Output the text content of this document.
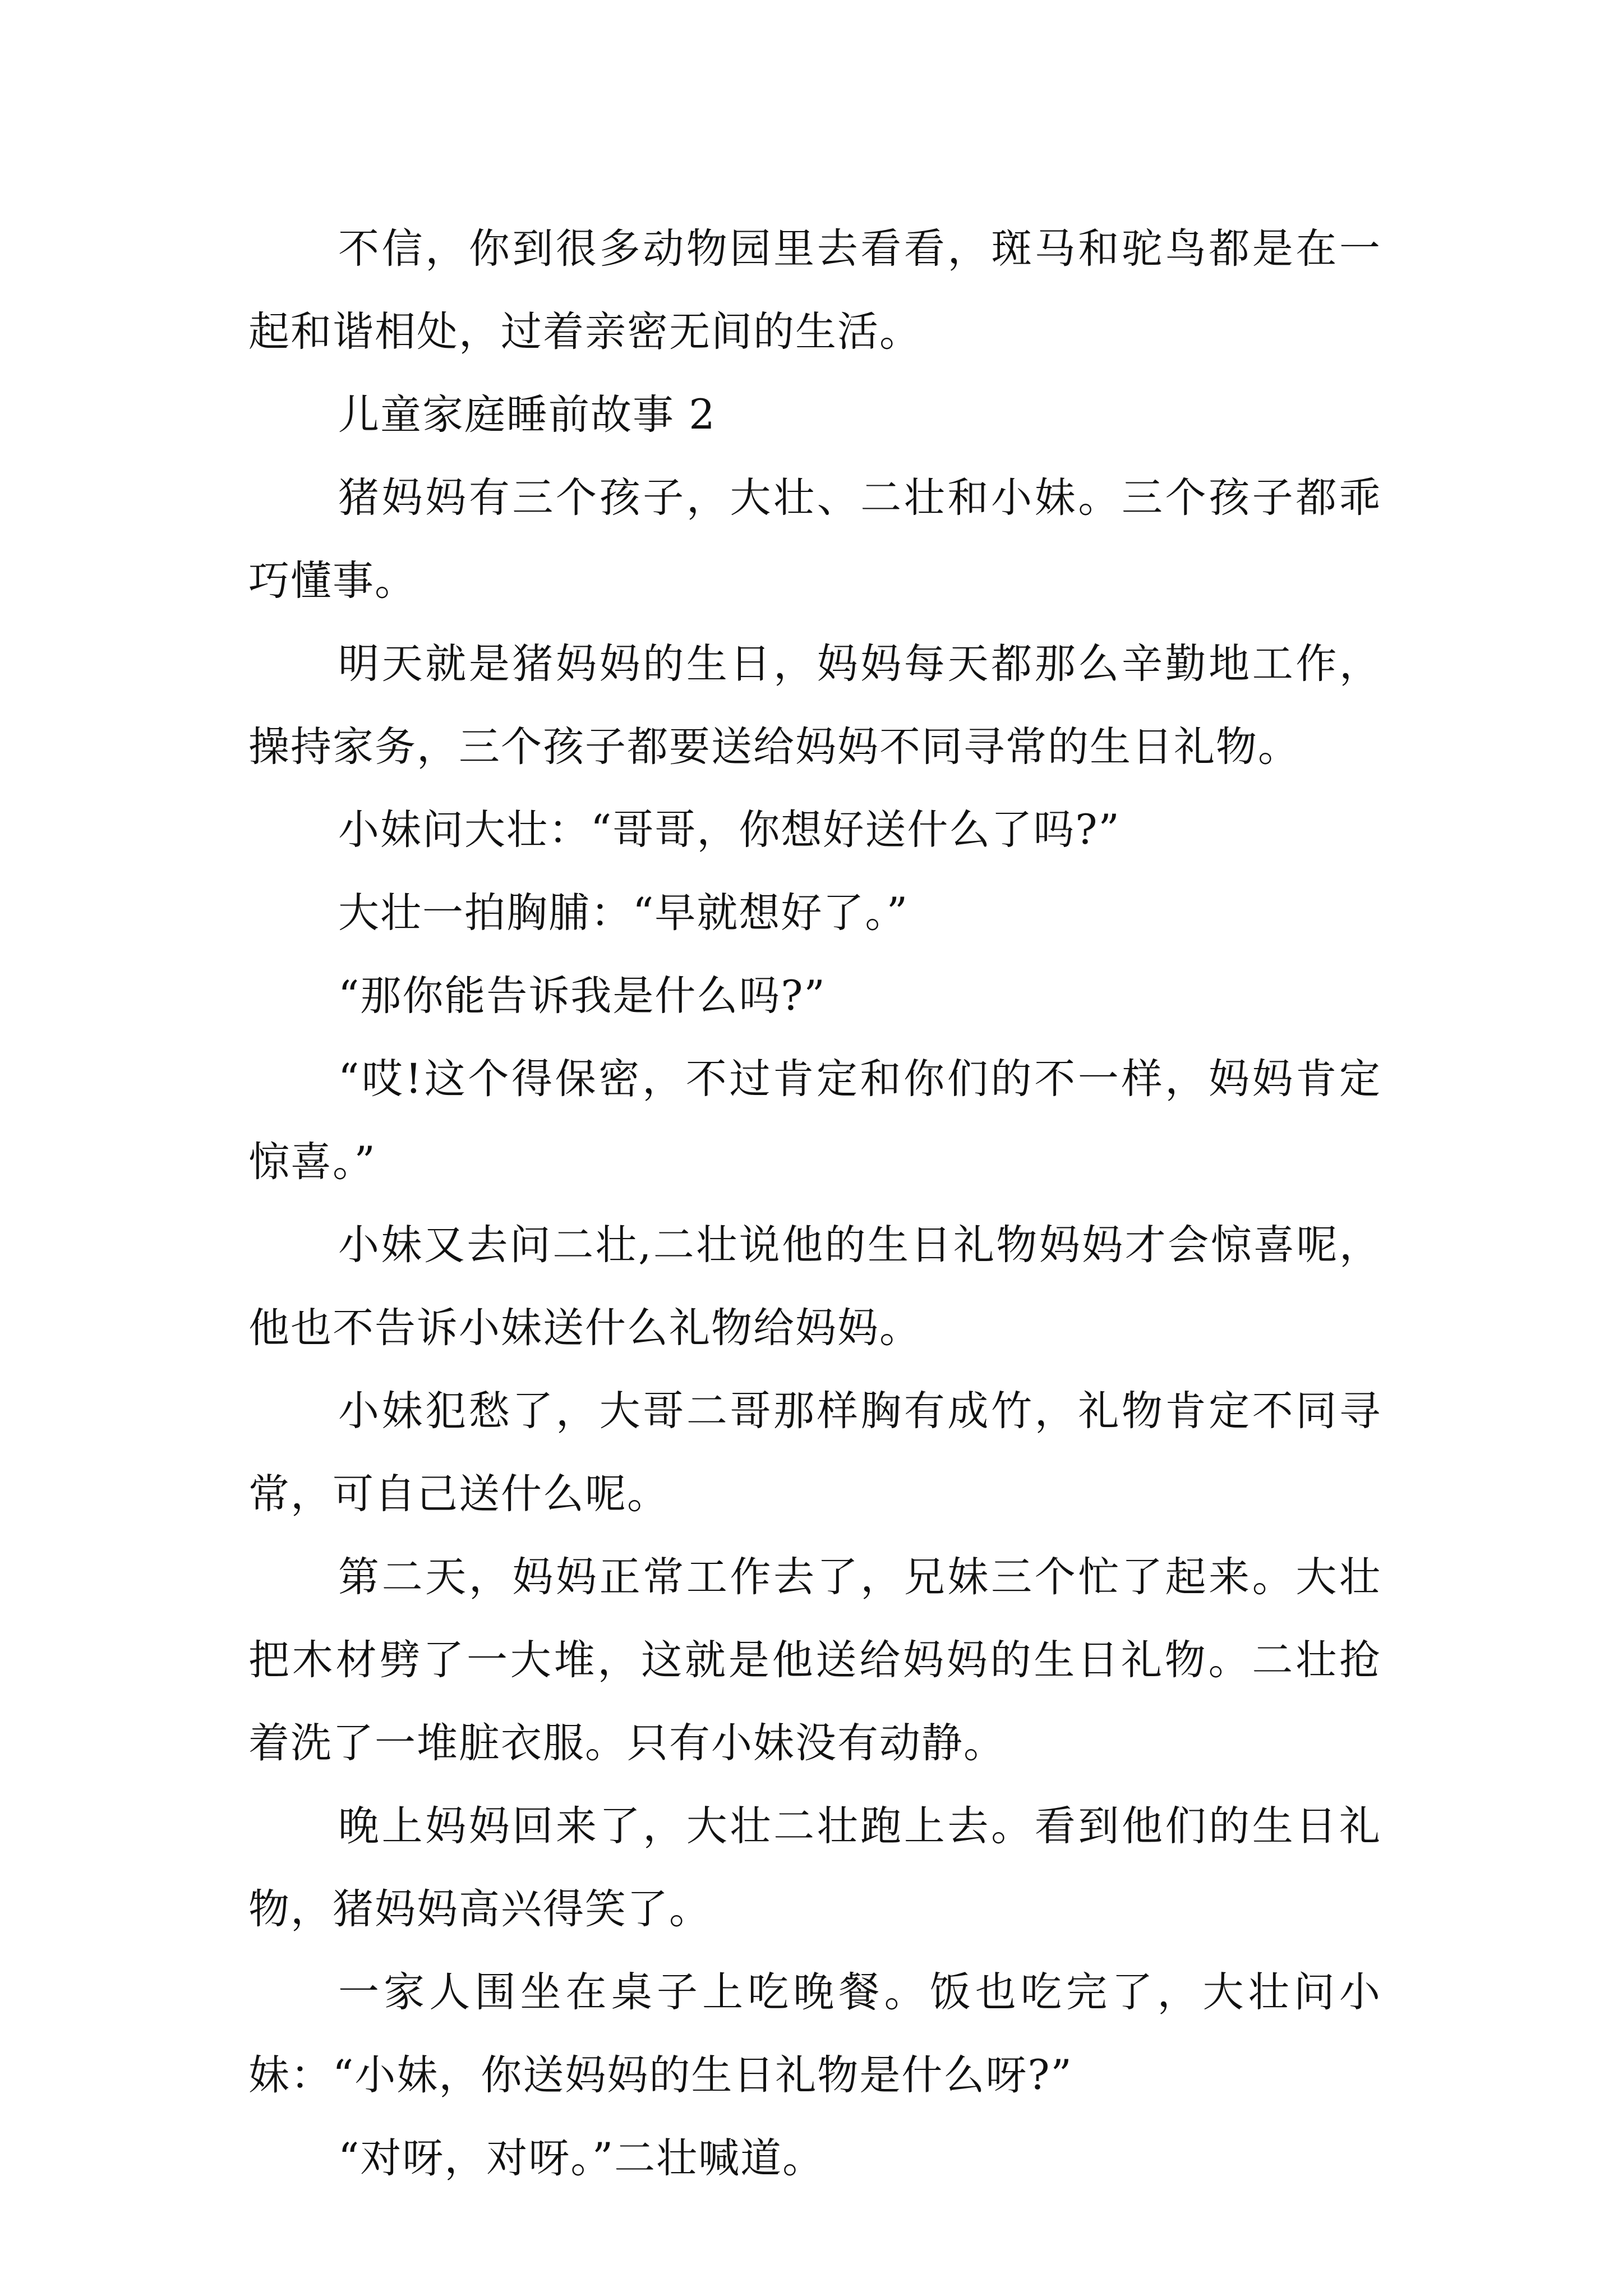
不信，你到很多动物园里去看看，斑马和驼鸟都是在一起和谐相处，过着亲密无间的生活。

儿童家庭睡前故事 2

猪妈妈有三个孩子，大壮、二壮和小妹。三个孩子都乖巧懂事。

明天就是猪妈妈的生日，妈妈每天都那么辛勤地工作，操持家务，三个孩子都要送给妈妈不同寻常的生日礼物。

小妹问大壮：“哥哥，你想好送什么了吗?”

大壮一拍胸脯：“早就想好了。”

“那你能告诉我是什么吗?”

“哎!这个得保密，不过肯定和你们的不一样，妈妈肯定惊喜。”

小妹又去问二壮,二壮说他的生日礼物妈妈才会惊喜呢，他也不告诉小妹送什么礼物给妈妈。

小妹犯愁了，大哥二哥那样胸有成竹，礼物肯定不同寻常，可自己送什么呢。

第二天，妈妈正常工作去了，兄妹三个忙了起来。大壮把木材劈了一大堆，这就是他送给妈妈的生日礼物。二壮抢着洗了一堆脏衣服。只有小妹没有动静。

晚上妈妈回来了，大壮二壮跑上去。看到他们的生日礼物，猪妈妈高兴得笑了。

一家人围坐在桌子上吃晚餐。饭也吃完了，大壮问小妹：“小妹，你送妈妈的生日礼物是什么呀?”

“对呀，对呀。”二壮喊道。
